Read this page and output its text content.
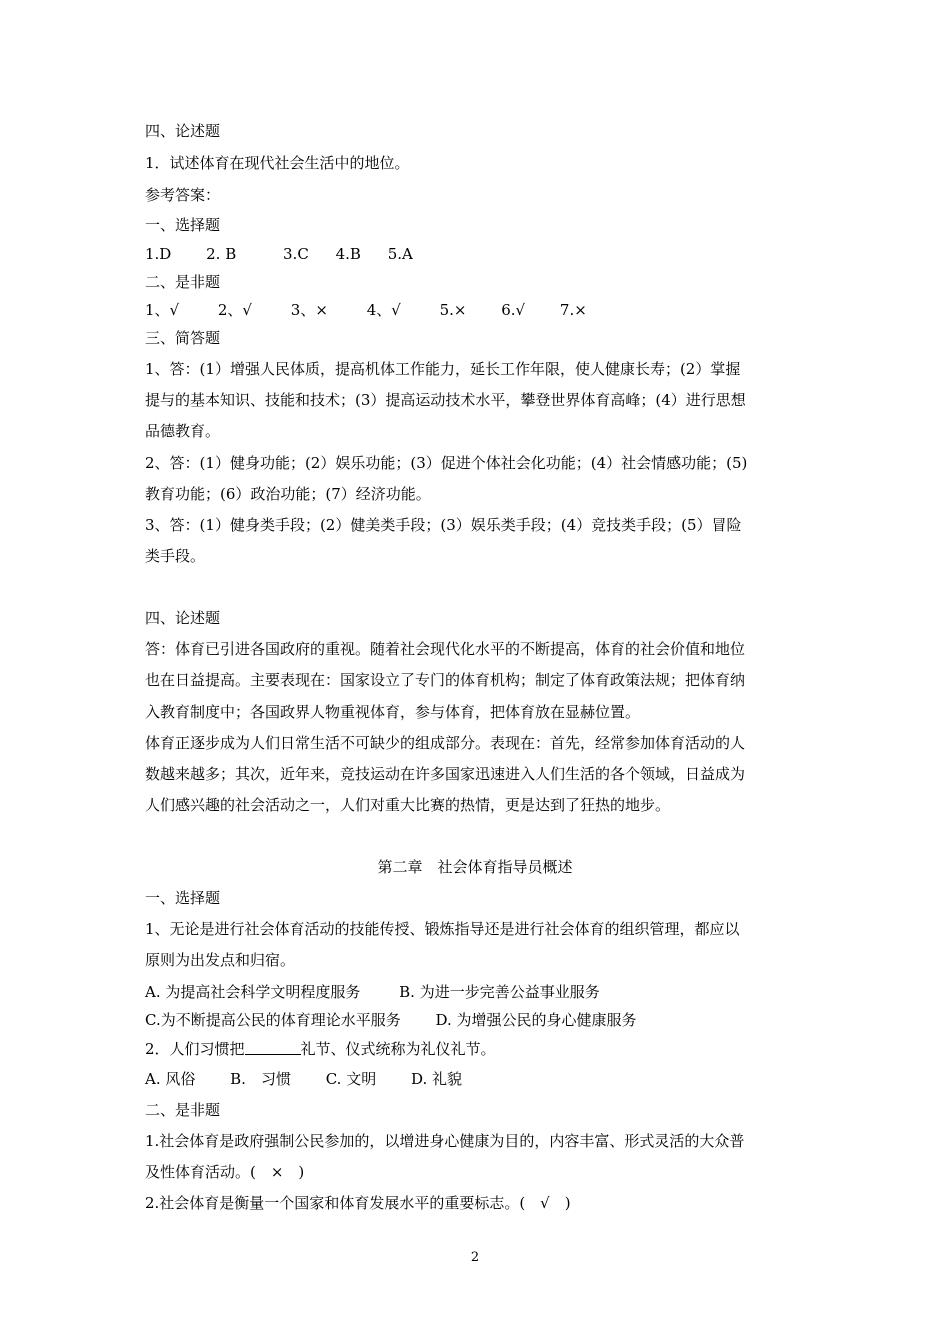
四、论述题
1．试述体育在现代社会生活中的地位。
参考答案：
一、选择题
1.D 2. B	3.C 4.B 5.A
二、是非题
1、√	2、√	3、×	4、√	5.× 6.√ 7.×
三、简答题
1、答：(1）增强人民体质，提高机体工作能力，延长工作年限，使人健康长寿；(2）掌握
提与的基本知识、技能和技术；(3）提高运动技术水平，攀登世界体育高峰；(4）进行思想
品德教育。
2、答：(1）健身功能；(2）娱乐功能；(3）促进个体社会化功能；(4）社会情感功能；(5)
教育功能；(6）政治功能；(7）经济功能。
3、答：(1）健身类手段；(2）健美类手段；(3）娱乐类手段；(4）竞技类手段；(5）冒险
类手段。
四、论述题
答：体育已引进各国政府的重视。随着社会现代化水平的不断提高，体育的社会价值和地位
也在日益提高。主要表现在：国家设立了专门的体育机构；制定了体育政策法规；把体育纳
入教育制度中；各国政界人物重视体育，参与体育，把体育放在显赫位置。
体育正逐步成为人们日常生活不可缺少的组成部分。表现在：首先，经常参加体育活动的人
数越来越多；其次，近年来，竞技运动在许多国家迅速进入人们生活的各个领域，日益成为
人们感兴趣的社会活动之一，人们对重大比赛的热情，更是达到了狂热的地步。
第二章　社会体育指导员概述
一、选择题
1、无论是进行社会体育活动的技能传授、锻炼指导还是进行社会体育的组织管理，都应以
原则为出发点和归宿。
A. 为提高社会科学文明程度服务	B. 为进一步完善公益事业服务
C.为不断提高公民的体育理论水平服务 D. 为增强公民的身心健康服务
2．人们习惯把	礼节、仪式统称为礼仪礼节。
A. 风俗 B.　习惯 C. 文明 D. 礼貌
二、是非题
1.社会体育是政府强制公民参加的，以增进身心健康为目的，内容丰富、形式灵活的大众普
及性体育活动。(　×　)
2.社会体育是衡量一个国家和体育发展水平的重要标志。(　√　)
2
